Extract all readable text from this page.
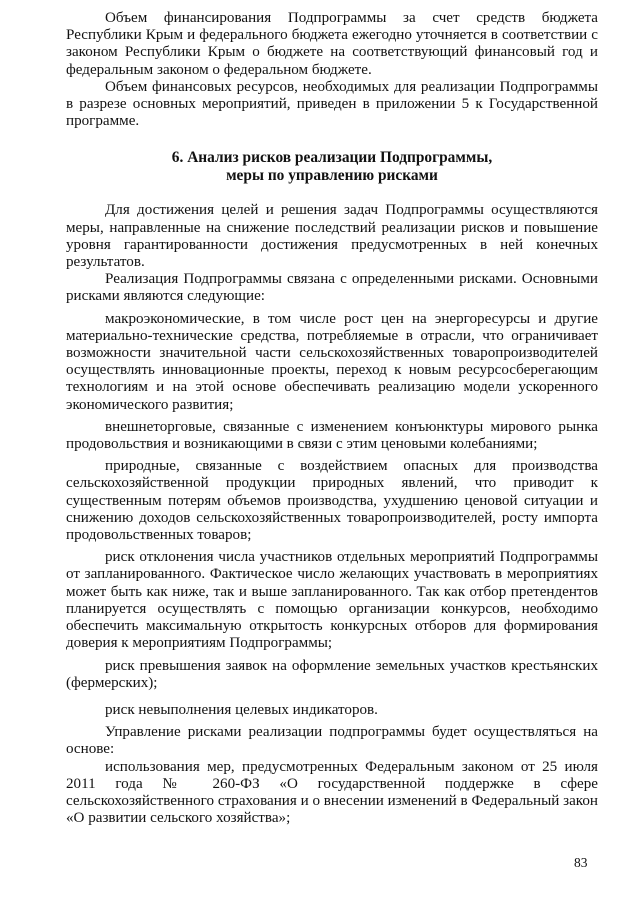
Объем финансирования Подпрограммы за счет средств бюджета Республики Крым и федерального бюджета ежегодно уточняется в соответствии с законом Республики Крым о бюджете на соответствующий финансовый год и федеральным законом о федеральном бюджете.

Объем финансовых ресурсов, необходимых для реализации Подпрограммы в разрезе основных мероприятий, приведен в приложении 5 к Государственной программе.

6. Анализ рисков реализации Подпрограммы,
меры по управлению рисками

Для достижения целей и решения задач Подпрограммы осуществляются меры, направленные на снижение последствий реализации рисков и повышение уровня гарантированности достижения предусмотренных в ней конечных результатов.

Реализация Подпрограммы связана с определенными рисками. Основными рисками являются следующие:

макроэкономические, в том числе рост цен на энергоресурсы и другие материально-технические средства, потребляемые в отрасли, что ограничивает возможности значительной части сельскохозяйственных товаропроизводителей осуществлять инновационные проекты, переход к новым ресурсосберегающим технологиям и на этой основе обеспечивать реализацию модели ускоренного экономического развития;

внешнеторговые, связанные с изменением конъюнктуры мирового рынка продовольствия и возникающими в связи с этим ценовыми колебаниями;

природные, связанные с воздействием опасных для производства сельскохозяйственной продукции природных явлений, что приводит к существенным потерям объемов производства, ухудшению ценовой ситуации и снижению доходов сельскохозяйственных товаропроизводителей, росту импорта продовольственных товаров;

риск отклонения числа участников отдельных мероприятий Подпрограммы от запланированного. Фактическое число желающих участвовать в мероприятиях может быть как ниже, так и выше запланированного. Так как отбор претендентов планируется осуществлять с помощью организации конкурсов, необходимо обеспечить максимальную открытость конкурсных отборов для формирования доверия к мероприятиям Подпрограммы;

риск превышения заявок на оформление земельных участков крестьянских (фермерских);

риск невыполнения целевых индикаторов.

Управление рисками реализации подпрограммы будет осуществляться на основе:

использования мер, предусмотренных Федеральным законом от 25 июля 2011 года № 260-ФЗ «О государственной поддержке в сфере сельскохозяйственного страхования и о внесении изменений в Федеральный закон «О развитии сельского хозяйства»;

83
